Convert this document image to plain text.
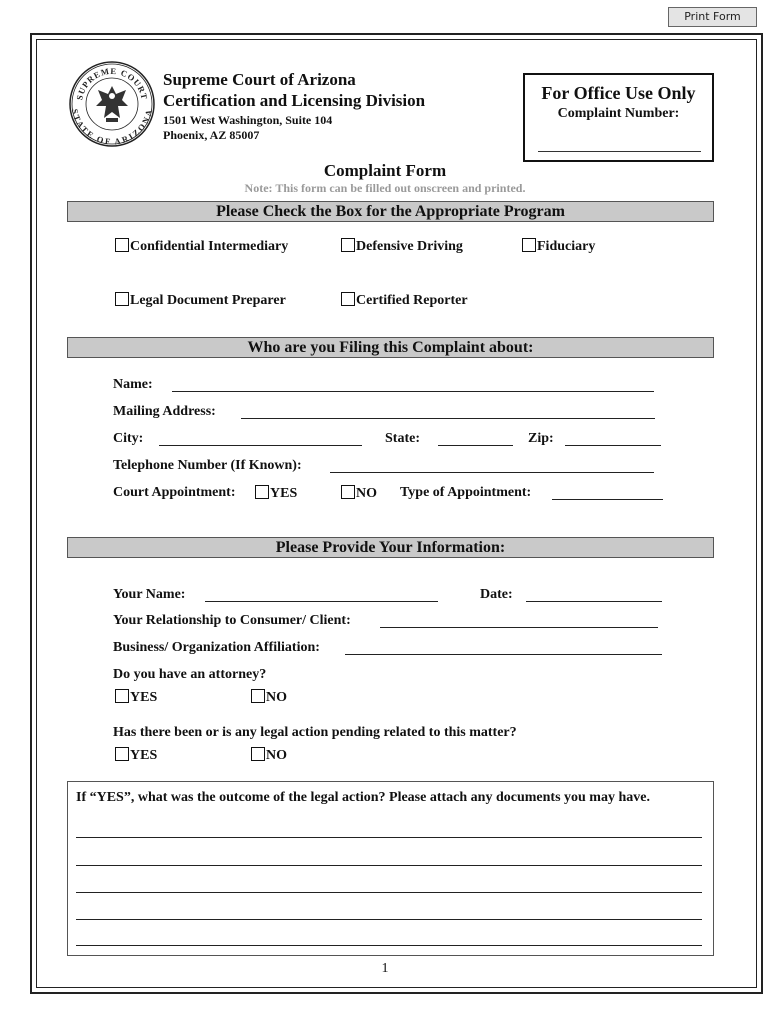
Print Form
SUPREME COURT
STATE OF ARIZONA
Supreme Court of Arizona
Certification and Licensing Division
1501 West Washington, Suite 104
Phoenix, AZ 85007
For Office Use Only
Complaint Number:
Complaint Form
Note: This form can be filled out onscreen and printed.
Please Check the Box for the Appropriate Program
Confidential Intermediary	Defensive Driving	Fiduciary
Legal Document Preparer	Certified Reporter
Who are you Filing this Complaint about:
Name:
Mailing Address:
City:	State:	Zip:
Telephone Number (If Known):
Court Appointment:	YES	NO Type of Appointment:
Please Provide Your Information:
Your Name:	Date:
Your Relationship to Consumer/ Client:
Business/ Organization Affiliation:
Do you have an attorney?
YES	NO
Has there been or is any legal action pending related to this matter?
YES	NO
If “YES”, what was the outcome of the legal action? Please attach any documents you may have.
1
